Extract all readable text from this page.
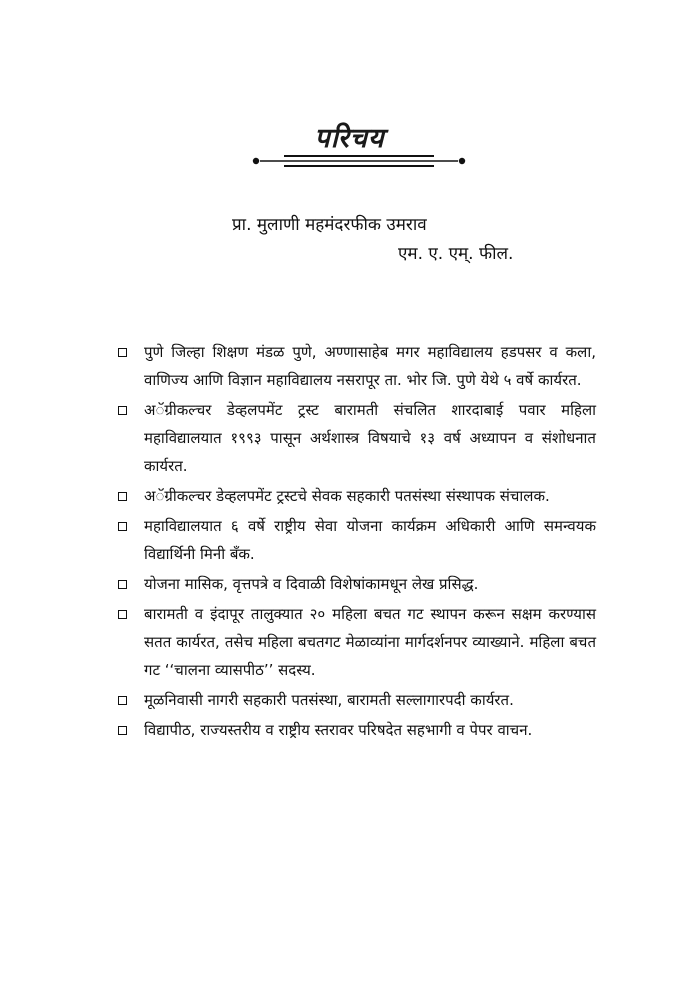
परिचय
प्रा. मुलाणी महमंदरफीक उमराव
एम. ए. एम्. फील.
पुणे जिल्हा शिक्षण मंडळ पुणे, अण्णासाहेब मगर महाविद्यालय हडपसर व कला, वाणिज्य आणि विज्ञान महाविद्यालय नसरापूर ता. भोर जि. पुणे येथे ५ वर्षे कार्यरत.
अॅग्रीकल्चर डेव्हलपमेंट ट्रस्ट बारामती संचलित शारदाबाई पवार महिला महाविद्यालयात १९९३ पासून अर्थशास्त्र विषयाचे १३ वर्ष अध्यापन व संशोधनात कार्यरत.
अॅग्रीकल्चर डेव्हलपमेंट ट्रस्टचे सेवक सहकारी पतसंस्था संस्थापक संचालक.
महाविद्यालयात ६ वर्षे राष्ट्रीय सेवा योजना कार्यक्रम अधिकारी आणि समन्वयक विद्यार्थिनी मिनी बँक.
योजना मासिक, वृत्तपत्रे व दिवाळी विशेषांकामधून लेख प्रसिद्ध.
बारामती व इंदापूर तालुक्यात २० महिला बचत गट स्थापन करून सक्षम करण्यास सतत कार्यरत, तसेच महिला बचतगट मेळाव्यांना मार्गदर्शनपर व्याख्याने. महिला बचत गट ‘‘चालना व्यासपीठ’’ सदस्य.
मूळनिवासी नागरी सहकारी पतसंस्था, बारामती सल्लागारपदी कार्यरत.
विद्यापीठ, राज्यस्तरीय व राष्ट्रीय स्तरावर परिषदेत सहभागी व पेपर वाचन.
